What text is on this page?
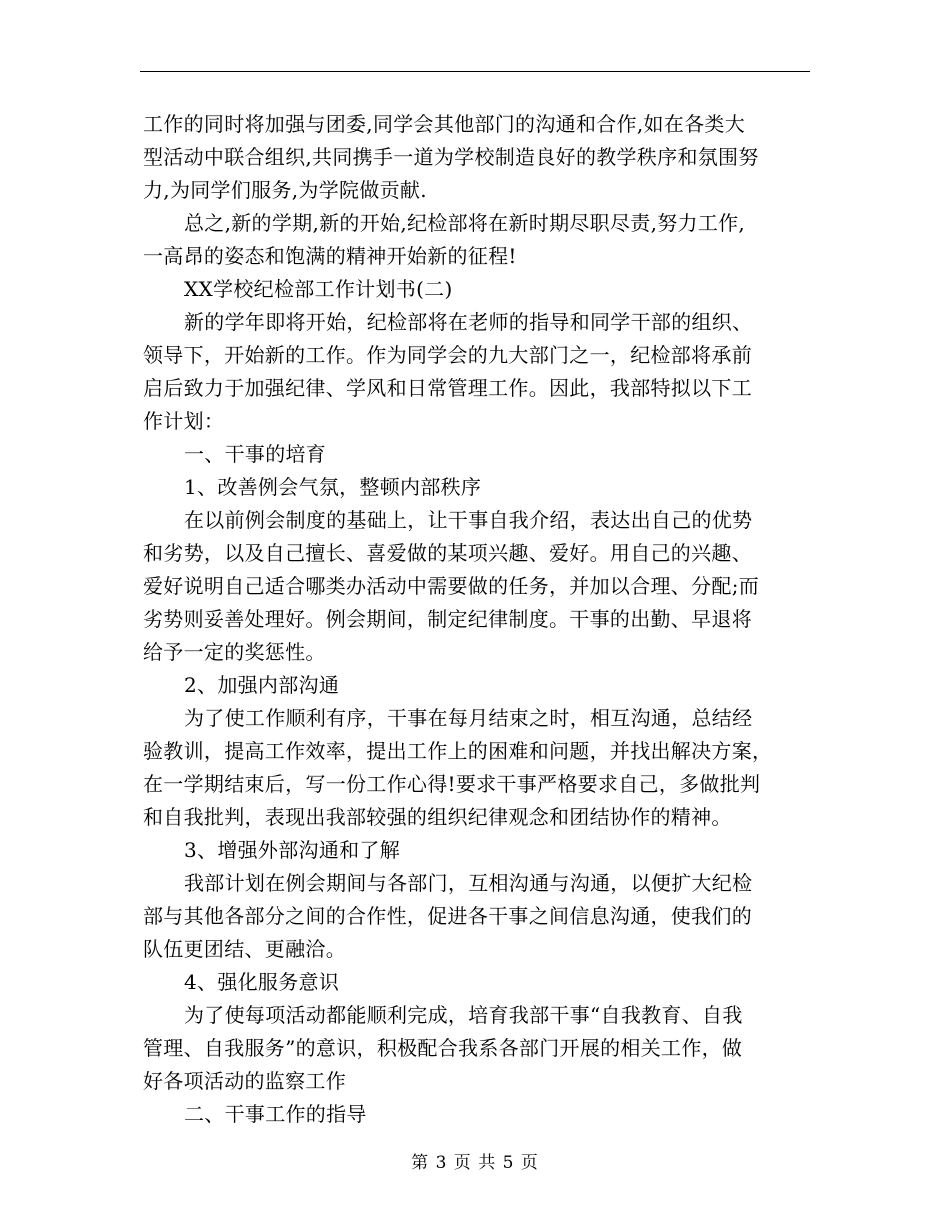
工作的同时将加强与团委,同学会其他部门的沟通和合作,如在各类大
型活动中联合组织,共同携手一道为学校制造良好的教学秩序和氛围努
力,为同学们服务,为学院做贡献.
总之,新的学期,新的开始,纪检部将在新时期尽职尽责,努力工作,
一高昂的姿态和饱满的精神开始新的征程!
XX学校纪检部工作计划书(二)
新的学年即将开始，纪检部将在老师的指导和同学干部的组织、
领导下，开始新的工作。作为同学会的九大部门之一，纪检部将承前
启后致力于加强纪律、学风和日常管理工作。因此，我部特拟以下工
作计划：
一、干事的培育
1、改善例会气氛，整顿内部秩序
在以前例会制度的基础上，让干事自我介绍，表达出自己的优势
和劣势，以及自己擅长、喜爱做的某项兴趣、爱好。用自己的兴趣、
爱好说明自己适合哪类办活动中需要做的任务，并加以合理、分配;而
劣势则妥善处理好。例会期间，制定纪律制度。干事的出勤、早退将
给予一定的奖惩性。
2、加强内部沟通
为了使工作顺利有序，干事在每月结束之时，相互沟通，总结经
验教训，提高工作效率，提出工作上的困难和问题，并找出解决方案，
在一学期结束后，写一份工作心得!要求干事严格要求自己，多做批判
和自我批判，表现出我部较强的组织纪律观念和团结协作的精神。
3、增强外部沟通和了解
我部计划在例会期间与各部门，互相沟通与沟通，以便扩大纪检
部与其他各部分之间的合作性，促进各干事之间信息沟通，使我们的
队伍更团结、更融洽。
4、强化服务意识
为了使每项活动都能顺利完成，培育我部干事“自我教育、自我
管理、自我服务”的意识，积极配合我系各部门开展的相关工作，做
好各项活动的监察工作
二、干事工作的指导
第 3 页 共 5 页
